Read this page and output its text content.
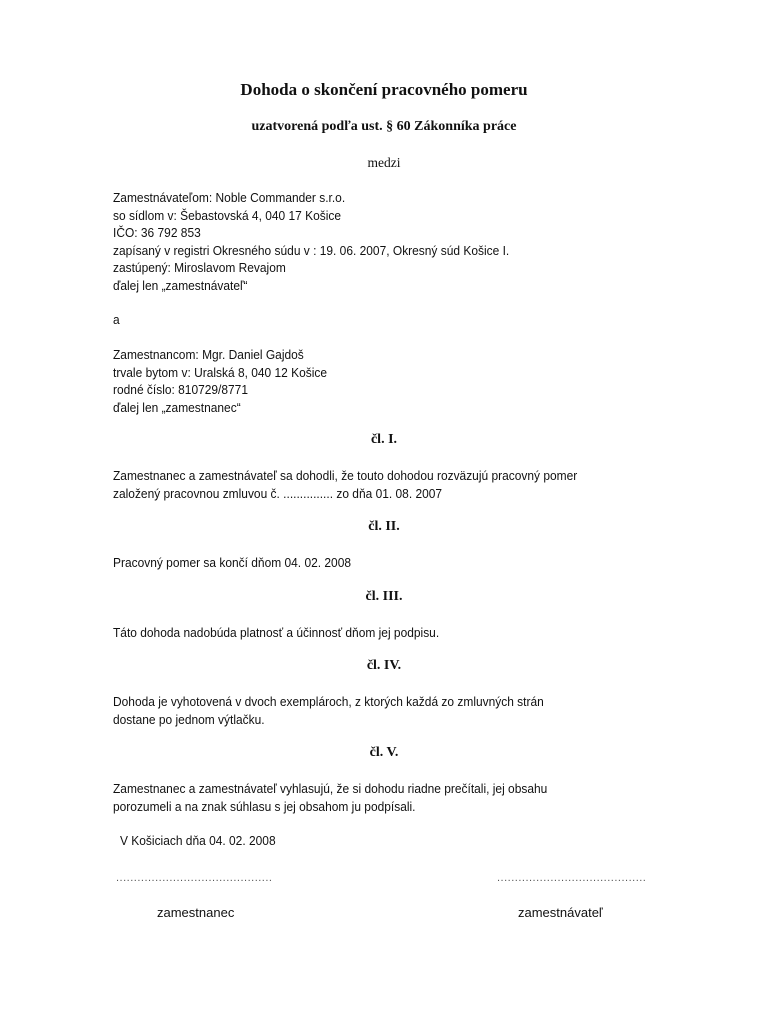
Dohoda o skončení pracovného pomeru
uzatvorená podľa ust. § 60 Zákonníka práce
medzi
Zamestnávateľom: Noble Commander s.r.o.
so sídlom v: Šebastovská 4, 040 17 Košice
IČO: 36 792 853
zapísaný v registri Okresného súdu v : 19. 06. 2007, Okresný súd Košice I.
zastúpený: Miroslavom Revajom
ďalej len „zamestnávateľ“
a
Zamestnancom: Mgr. Daniel Gajdoš
trvale bytom v: Uralská 8, 040 12 Košice
rodné číslo: 810729/8771
ďalej len „zamestnanec“
čl. I.
Zamestnanec a zamestnávateľ sa dohodli, že touto dohodou rozväzujú pracovný pomer
založený pracovnou zmluvou č. ............... zo dňa 01. 08. 2007
čl. II.
Pracovný pomer sa končí dňom 04. 02. 2008
čl. III.
Táto dohoda nadobúda platnosť a účinnosť dňom jej podpisu.
čl. IV.
Dohoda je vyhotovená v dvoch exemplároch, z ktorých každá zo zmluvných strán
dostane po jednom výtlačku.
čl. V.
Zamestnanec a zamestnávateľ vyhlasujú, že si dohodu riadne prečítali, jej obsahu
porozumeli a na znak súhlasu s jej obsahom ju podpísali.
V Košiciach dňa 04. 02. 2008
............................................	..........................................
zamestnanec	zamestnávateľ
